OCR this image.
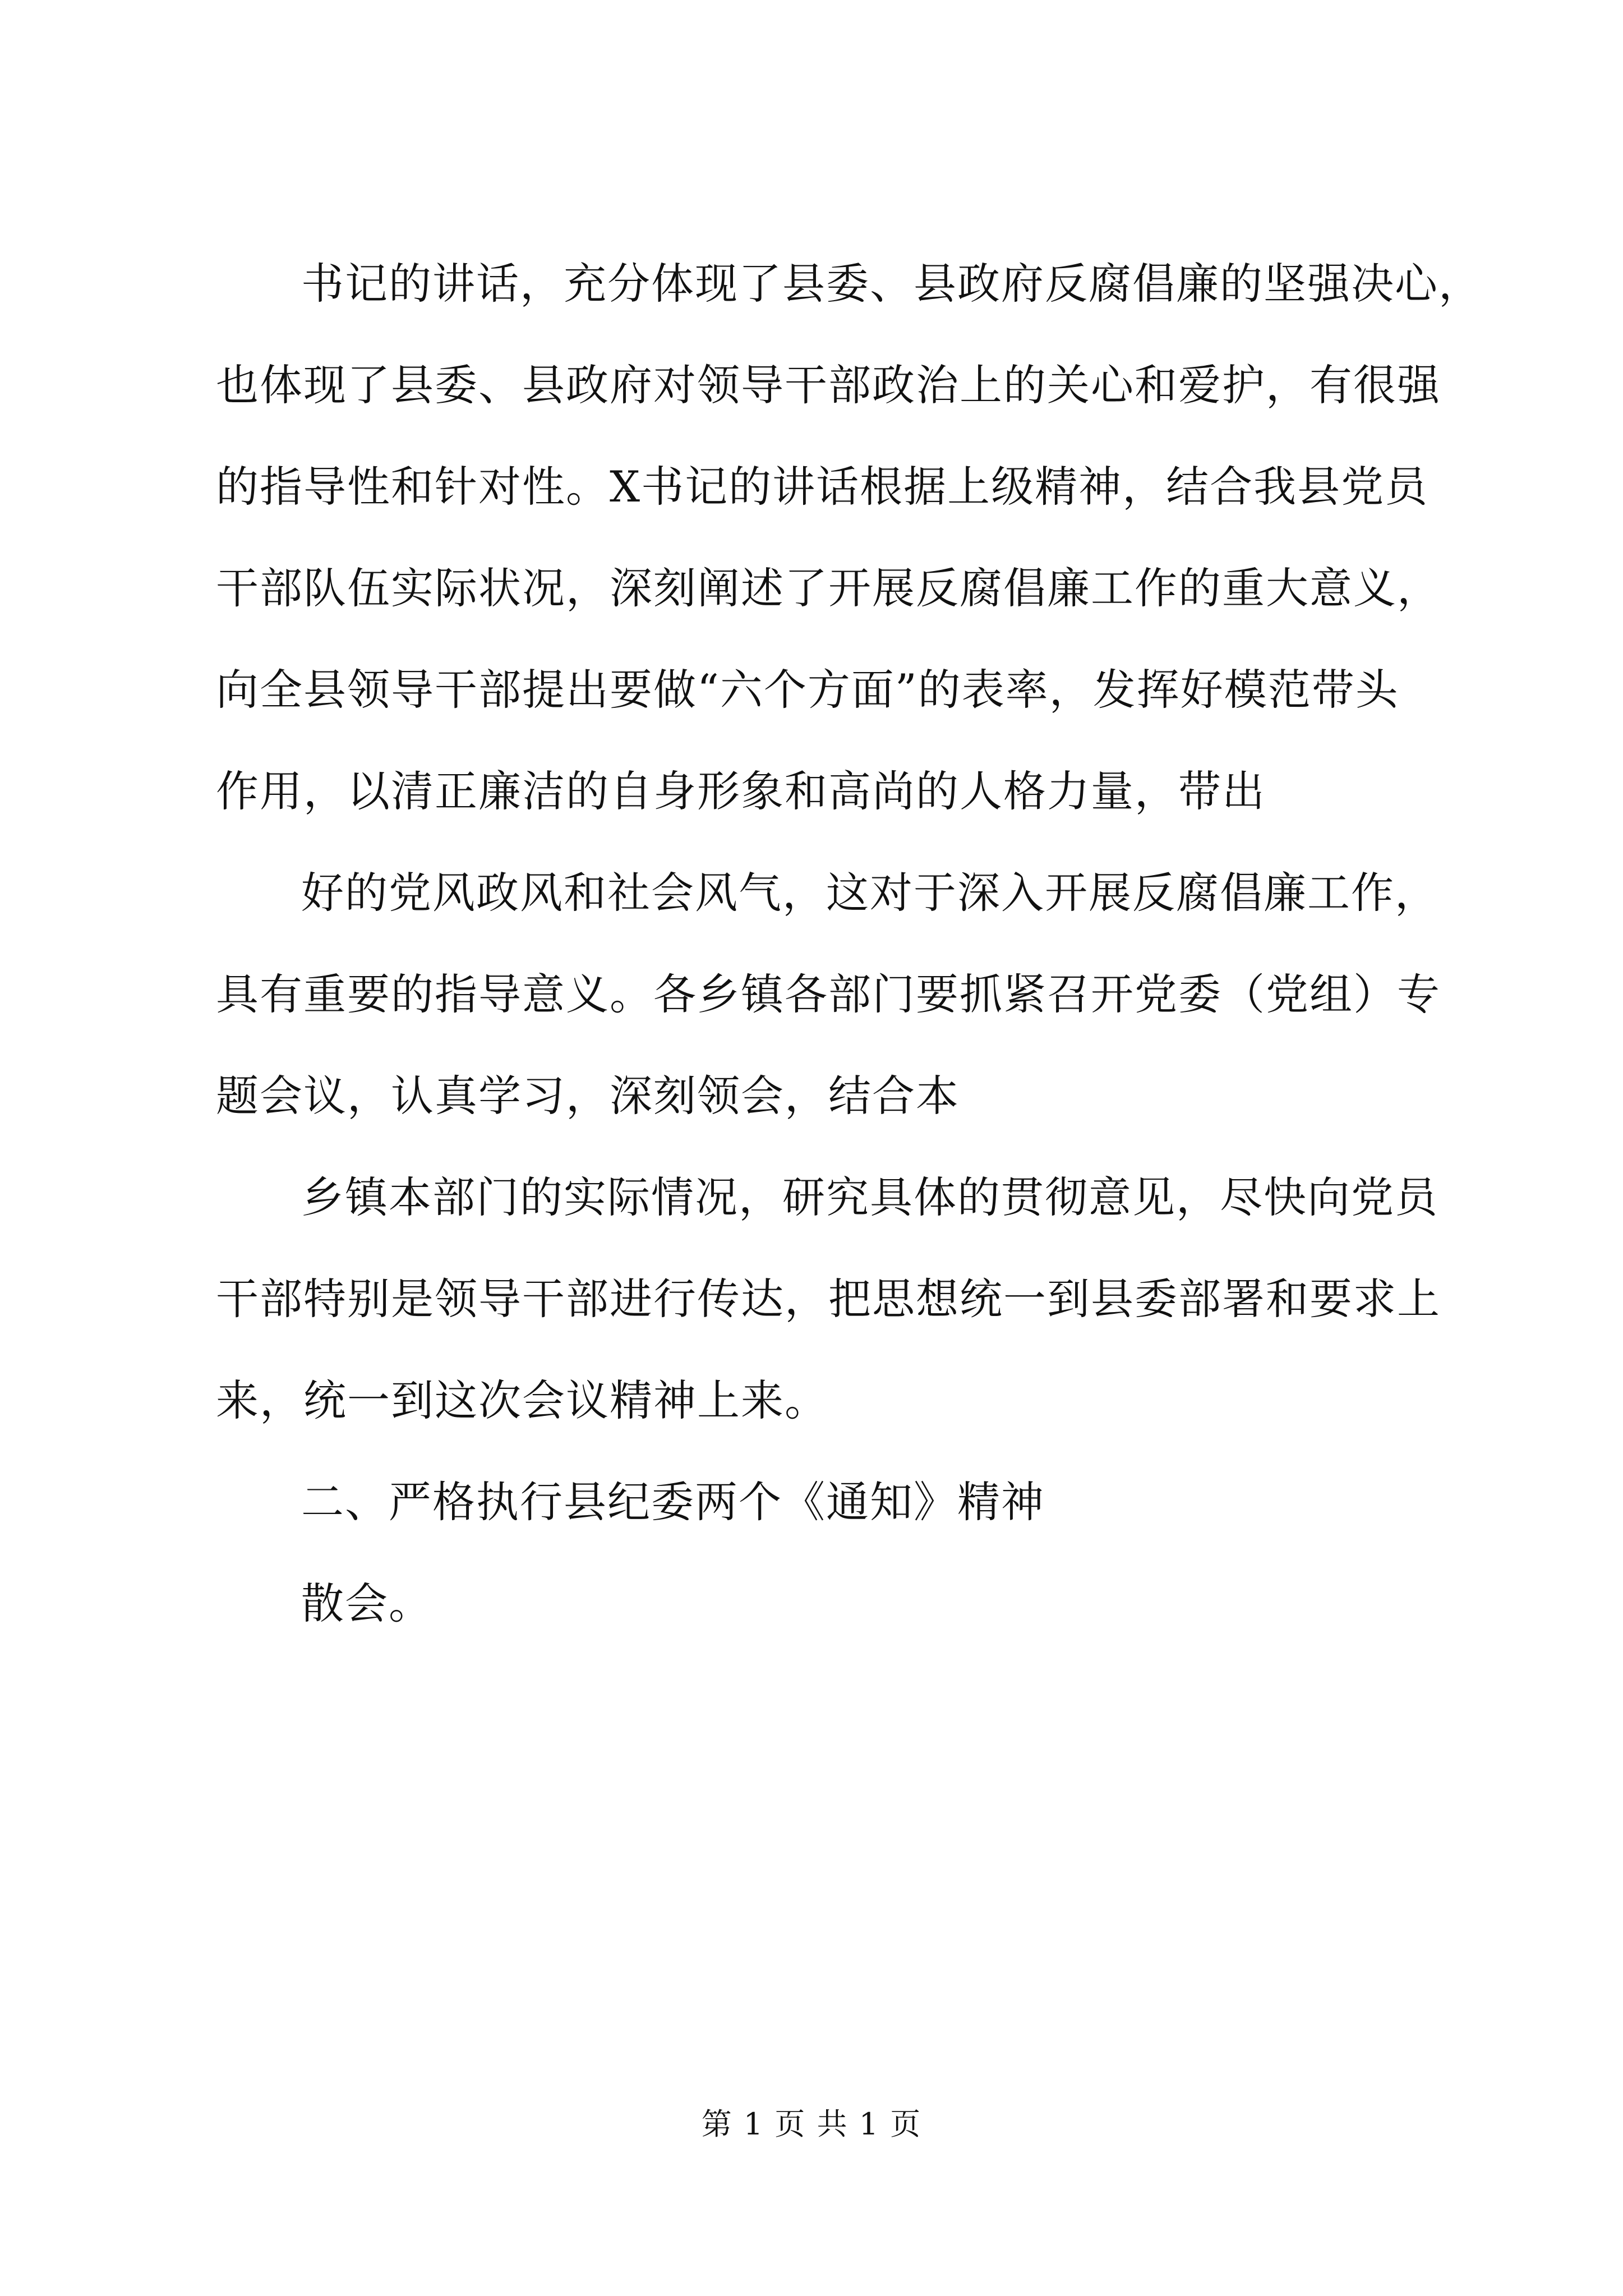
书记的讲话，充分体现了县委、县政府反腐倡廉的坚强决心，
也体现了县委、县政府对领导干部政治上的关心和爱护，有很强
的指导性和针对性。X书记的讲话根据上级精神，结合我县党员
干部队伍实际状况，深刻阐述了开展反腐倡廉工作的重大意义，
向全县领导干部提出要做“六个方面”的表率，发挥好模范带头
作用，以清正廉洁的自身形象和高尚的人格力量，带出
好的党风政风和社会风气，这对于深入开展反腐倡廉工作，
具有重要的指导意义。各乡镇各部门要抓紧召开党委（党组）专
题会议，认真学习，深刻领会，结合本
乡镇本部门的实际情况，研究具体的贯彻意见，尽快向党员
干部特别是领导干部进行传达，把思想统一到县委部署和要求上
来，统一到这次会议精神上来。
二、严格执行县纪委两个《通知》精神
散会。
第 1 页 共 1 页
